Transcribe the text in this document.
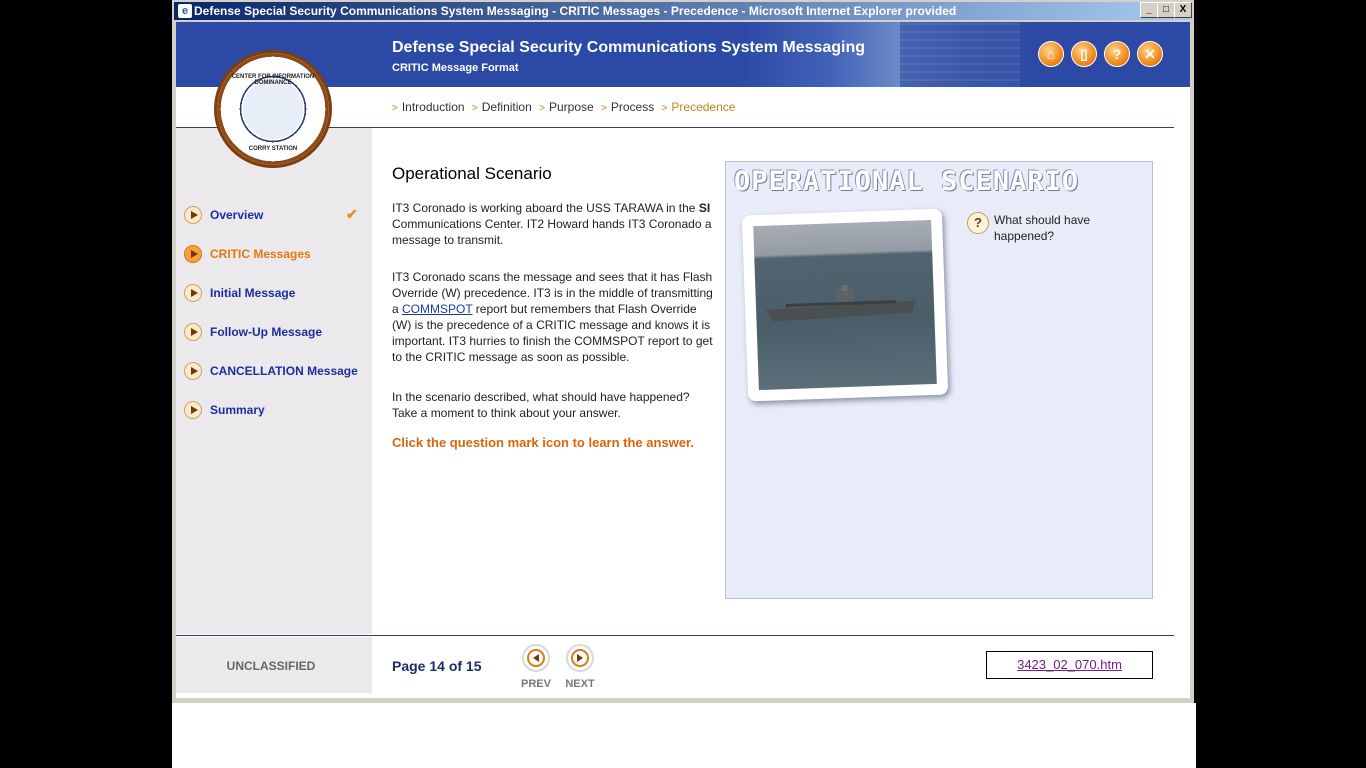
e Defense Special Security Communications System Messaging - CRITIC Messages - Precedence - Microsoft Internet Explorer provided	_	□	X
Defense Special Security Communications System Messaging
CRITIC Message Format
⌂	▯	?	✕
> Introduction > Definition > Purpose > Process > Precedence
CENTER FOR INFORMATION DOMINANCE
CORRY STATION
Overview	✔
CRITIC Messages
Initial Message
Follow-Up Message
CANCELLATION Message
Summary
UNCLASSIFIED
Operational Scenario
IT3 Coronado is working aboard the USS TARAWA in the SI Communications Center. IT2 Howard hands IT3 Coronado a message to transmit.
IT3 Coronado scans the message and sees that it has Flash Override (W) precedence. IT3 is in the middle of transmitting a COMMSPOT report but remembers that Flash Override (W) is the precedence of a CRITIC message and knows it is important. IT3 hurries to finish the COMMSPOT report to get to the CRITIC message as soon as possible.
In the scenario described, what should have happened? Take a moment to think about your answer.
Click the question mark icon to learn the answer.
OPERATIONAL SCENARIO
?	What should have happened?
Page 14 of 15
PREV	NEXT
3423_02_070.htm
